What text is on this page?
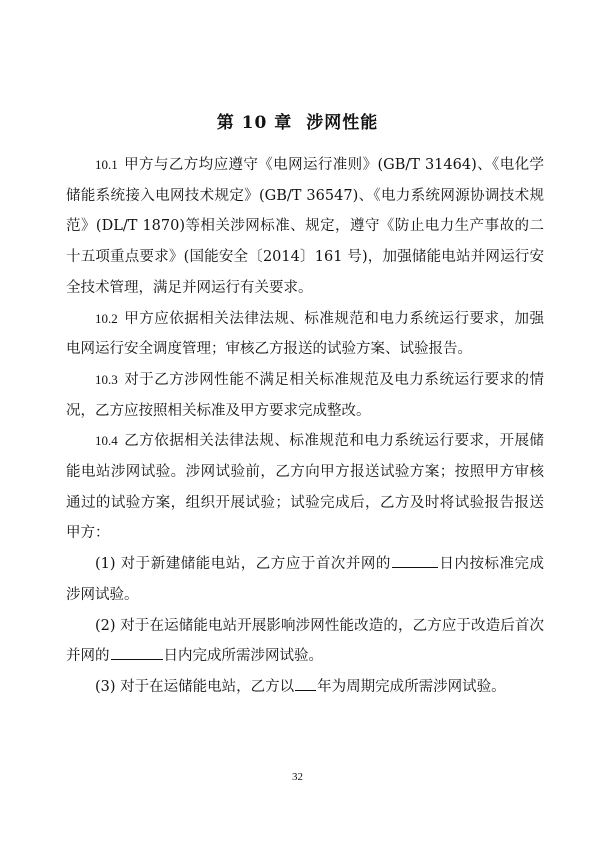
第 10 章 涉网性能

10.1 甲方与乙方均应遵守《电网运行准则》(GB/T 31464)、《电化学储能系统接入电网技术规定》(GB/T 36547)、《电力系统网源协调技术规范》(DL/T 1870)等相关涉网标准、规定，遵守《防止电力生产事故的二十五项重点要求》(国能安全〔2014〕161 号)，加强储能电站并网运行安全技术管理，满足并网运行有关要求。

10.2 甲方应依据相关法律法规、标准规范和电力系统运行要求，加强电网运行安全调度管理；审核乙方报送的试验方案、试验报告。

10.3 对于乙方涉网性能不满足相关标准规范及电力系统运行要求的情况，乙方应按照相关标准及甲方要求完成整改。

10.4 乙方依据相关法律法规、标准规范和电力系统运行要求，开展储能电站涉网试验。涉网试验前，乙方向甲方报送试验方案；按照甲方审核通过的试验方案，组织开展试验；试验完成后，乙方及时将试验报告报送甲方：

(1) 对于新建储能电站，乙方应于首次并网的	日内按标准完成涉网试验。

(2) 对于在运储能电站开展影响涉网性能改造的，乙方应于改造后首次并网的	日内完成所需涉网试验。

(3) 对于在运储能电站，乙方以 年为周期完成所需涉网试验。

32
